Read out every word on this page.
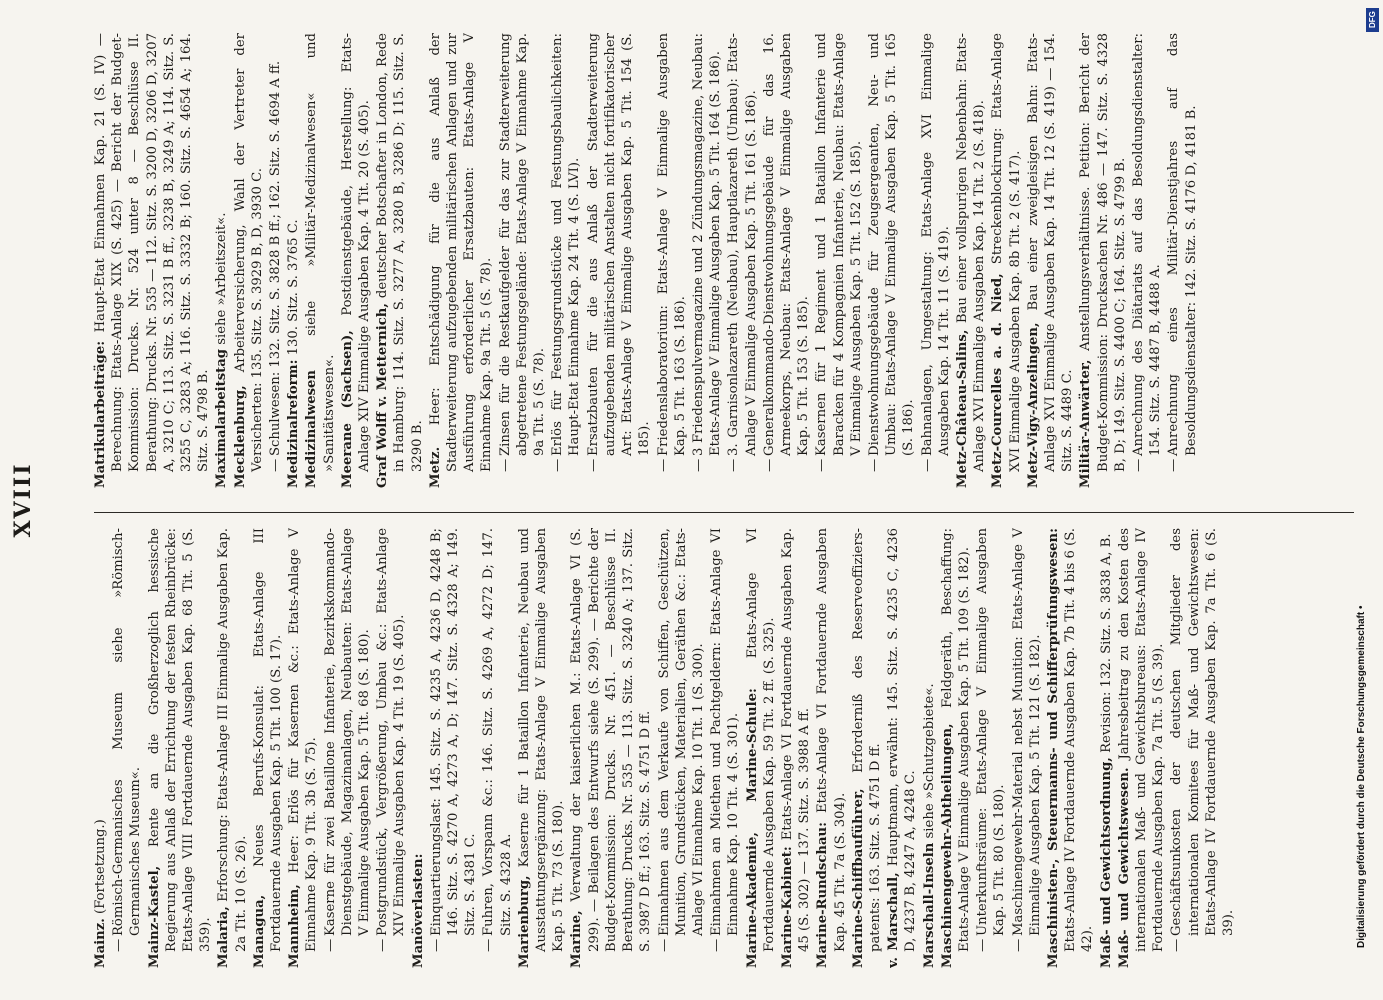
XVIII

Mainz. (Fortsetzung.)

—Römisch-Germanisches Museum siehe »Römisch-Germanisches Museum«. Mainz-Kastel, Rente an die Großherzoglich hessische Regierung aus Anlaß der Errichtung der festen Rheinbrücke: Etats-Anlage VIII Fortdauernde Ausgaben Kap. 68 Tit. 5 (S. 359). Malaria, Erforschung: Etats-Anlage III Einmalige Ausgaben Kap. 2a Tit. 10 (S. 26). Managua, Neues Berufs-Konsulat: Etats-Anlage III Fortdauernde Ausgaben Kap. 5 Tit. 100 (S. 17). Mannheim, Heer: Erlös für Kasernen &c.: Etats-Anlage V Einnahme Kap. 9 Tit. 3b (S. 75). —Kaserne für zwei Bataillone Infanterie, Bezirkskommando-Dienstgebäude, Magazinanlagen, Neubauten: Etats-Anlage V Einmalige Ausgaben Kap. 5 Tit. 68 (S. 180).

—Postgrundstück, Vergrößerung, Umbau &c.: Etats-Anlage XIV Einmalige Ausgaben Kap. 4 Tit. 19 (S. 405). Manöverlasten: —Einquartierungslast: 145. Sitz. S. 4235 A, 4236 D, 4248 B; 146. Sitz. S. 4270 A, 4273 A, D; 147. Sitz. S. 4328 A; 149. Sitz. S. 4381 C.

—Fuhren, Vorspann &c.: 146. Sitz. S. 4269 A, 4272 D; 147. Sitz. S. 4328 A. Marienburg, Kaserne für 1 Bataillon Infanterie, Neubau und Ausstattungsergänzung: Etats-Anlage V Einmalige Ausgaben Kap. 5 Tit. 73 (S. 180). Marine, Verwaltung der kaiserlichen M.: Etats-Anlage VI (S. 299). — Beilagen des Entwurfs siehe (S. 299). — Berichte der Budget-Kommission: Drucks. Nr. 451. — Beschlüsse II. Berathung: Drucks. Nr. 535 — 113. Sitz. S. 3240 A; 137. Sitz. S. 3987 D ff.; 163. Sitz. S. 4751 D ff. —Einnahmen aus dem Verkaufe von Schiffen, Geschützen, Munition, Grundstücken, Materialien, Geräthen &c.: Etats-Anlage VI Einnahme Kap. 10 Tit. 1 (S. 300).

—Einnahmen an Miethen und Pachtgeldern: Etats-Anlage VI Einnahme Kap. 10 Tit. 4 (S. 301). Marine-Akademie, Marine-Schule: Etats-Anlage VI Fortdauernde Ausgaben Kap. 59 Tit. 2 ff. (S. 325). Marine-Kabinet: Etats-Anlage VI Fortdauernde Ausgaben Kap. 45 (S. 302) — 137. Sitz. S. 3988 A ff. Marine-Rundschau: Etats-Anlage VI Fortdauernde Ausgaben Kap. 45 Tit. 7a (S. 304). Marine-Schiffbauführer, Erforderniß des Reserveoffiziers-patents: 163. Sitz. S. 4751 D ff. v. Marschall, Hauptmann, erwähnt: 145. Sitz. S. 4235 C, 4236 D, 4237 B, 4247 A, 4248 C. Marschall-Inseln siehe »Schutzgebiete«. Maschinengewehr-Abtheilungen, Feldgeräth, Beschaffung: Etats-Anlage V Einmalige Ausgaben Kap. 5 Tit. 109 (S. 182). —Unterkunftsräume: Etats-Anlage V Einmalige Ausgaben Kap. 5 Tit. 80 (S. 180).

—Maschinengewehr-Material nebst Munition: Etats-Anlage V Einmalige Ausgaben Kap. 5 Tit. 121 (S. 182). Maschinisten-, Steuermanns- und Schifferprüfungswesen: Etats-Anlage IV Fortdauernde Ausgaben Kap. 7b Tit. 4 bis 6 (S. 42). Maß- und Gewichtsordnung, Revision: 132. Sitz. S. 3838 A, B.

Maß- und Gewichtswesen. Jahresbeitrag zu den Kosten des internationalen Maß- und Gewichtsbureaus: Etats-Anlage IV Fortdauernde Ausgaben Kap. 7a Tit. 5 (S. 39). —Geschäftsunkosten der deutschen Mitglieder des internationalen Komitees für Maß- und Gewichtswesen: Etats-Anlage IV Fortdauernde Ausgaben Kap. 7a Tit. 6 (S. 39).

Matrikularbeiträge: Haupt-Etat Einnahmen Kap. 21 (S. IV) — Berechnung: Etats-Anlage XIX (S. 425) — Bericht der Budget-Kommission: Drucks. Nr. 524 unter 8 — Beschlüsse II. Berathung: Drucks. Nr. 535 — 112. Sitz. S. 3200 D, 3206 D, 3207 A, 3210 C; 113. Sitz. S. 3231 B ff., 3238 B, 3249 A; 114. Sitz. S. 3255 C, 3283 A; 116. Sitz. S. 3332 B; 160. Sitz. S. 4654 A; 164. Sitz. S. 4798 B. Maximalarbeitstag siehe »Arbeitszeit«.

Mecklenburg, Arbeiterversicherung, Wahl der Vertreter der Versicherten: 135. Sitz. S. 3929 B, D, 3930 C. —Schulwesen: 132. Sitz. S. 3828 B ff.; 162. Sitz. S. 4694 A ff. Medizinalreform: 130. Sitz. S. 3765 C.

Medizinalwesen siehe »Militär-Medizinalwesen« und »Sanitätswesen«. Meerane (Sachsen), Postdienstgebäude, Herstellung: Etats-Anlage XIV Einmalige Ausgaben Kap. 4 Tit. 20 (S. 405). Graf Wolff v. Metternich, deutscher Botschafter in London, Rede in Hamburg: 114. Sitz. S. 3277 A, 3280 B, 3286 D; 115. Sitz. S. 3290 B. Metz. Heer: Entschädigung für die aus Anlaß der Stadterweiterung aufzugebenden militärischen Anlagen und zur Ausführung erforderlicher Ersatzbauten: Etats-Anlage V Einnahme Kap. 9a Tit. 5 (S. 78). —Zinsen für die Restkaufgelder für das zur Stadterweiterung abgetretene Festungsgelände: Etats-Anlage V Einnahme Kap. 9a Tit. 5 (S. 78).

—Erlös für Festungsgrundstücke und Festungsbaulichkeiten: Haupt-Etat Einnahme Kap. 24 Tit. 4 (S. LVI).

—Ersatzbauten für die aus Anlaß der Stadterweiterung aufzugebenden militärischen Anstalten nicht fortifikatorischer Art: Etats-Anlage V Einmalige Ausgaben Kap. 5 Tit. 154 (S. 185).

—Friedenslaboratorium: Etats-Anlage V Einmalige Ausgaben Kap. 5 Tit. 163 (S. 186).

—3 Friedenspulvermagazine und 2 Zündungsmagazine, Neubau: Etats-Anlage V Einmalige Ausgaben Kap. 5 Tit. 164 (S. 186).

—3. Garnisonlazareth (Neubau), Hauptlazareth (Umbau): Etats-Anlage V Einmalige Ausgaben Kap. 5 Tit. 161 (S. 186).

—Generalkommando-Dienstwohnungsgebäude für das 16. Armeekorps, Neubau: Etats-Anlage V Einmalige Ausgaben Kap. 5 Tit. 153 (S. 185).

—Kasernen für 1 Regiment und 1 Bataillon Infanterie und Baracken für 4 Kompagnien Infanterie, Neubau: Etats-Anlage V Einmalige Ausgaben Kap. 5 Tit. 152 (S. 185).

—Dienstwohnungsgebäude für Zeugsergeanten, Neu- und Umbau: Etats-Anlage V Einmalige Ausgaben Kap. 5 Tit. 165 (S. 186).

—Bahnanlagen, Umgestaltung: Etats-Anlage XVI Einmalige Ausgaben Kap. 14 Tit. 11 (S. 419). Metz-Château-Salins, Bau einer vollspurigen Nebenbahn: Etats-Anlage XVI Einmalige Ausgaben Kap. 14 Tit. 2 (S. 418). Metz-Courcelles a. d. Nied, Streckenblockirung: Etats-Anlage XVI Einmalige Ausgaben Kap. 8b Tit. 2 (S. 417). Metz-Vigy-Anzelingen, Bau einer zweigleisigen Bahn: Etats-Anlage XVI Einmalige Ausgaben Kap. 14 Tit. 12 (S. 419) — 154. Sitz. S. 4489 C. Militär-Anwärter, Anstellungsverhältnisse. Petition: Bericht der Budget-Kommission: Drucksachen Nr. 486 — 147. Sitz. S. 4328 B, D; 149. Sitz. S. 4400 C; 164. Sitz. S. 4799 B. —Anrechnung des Diätariats auf das Besoldungsdienstalter: 154. Sitz. S. 4487 B, 4488 A.

—Anrechnung eines Militär-Dienstjahres auf das Besoldungsdienstalter: 142. Sitz. S. 4176 D, 4181 B.

DFG
Digitalisierung gefördert durch die Deutsche Forschungsgemeinschaft •
